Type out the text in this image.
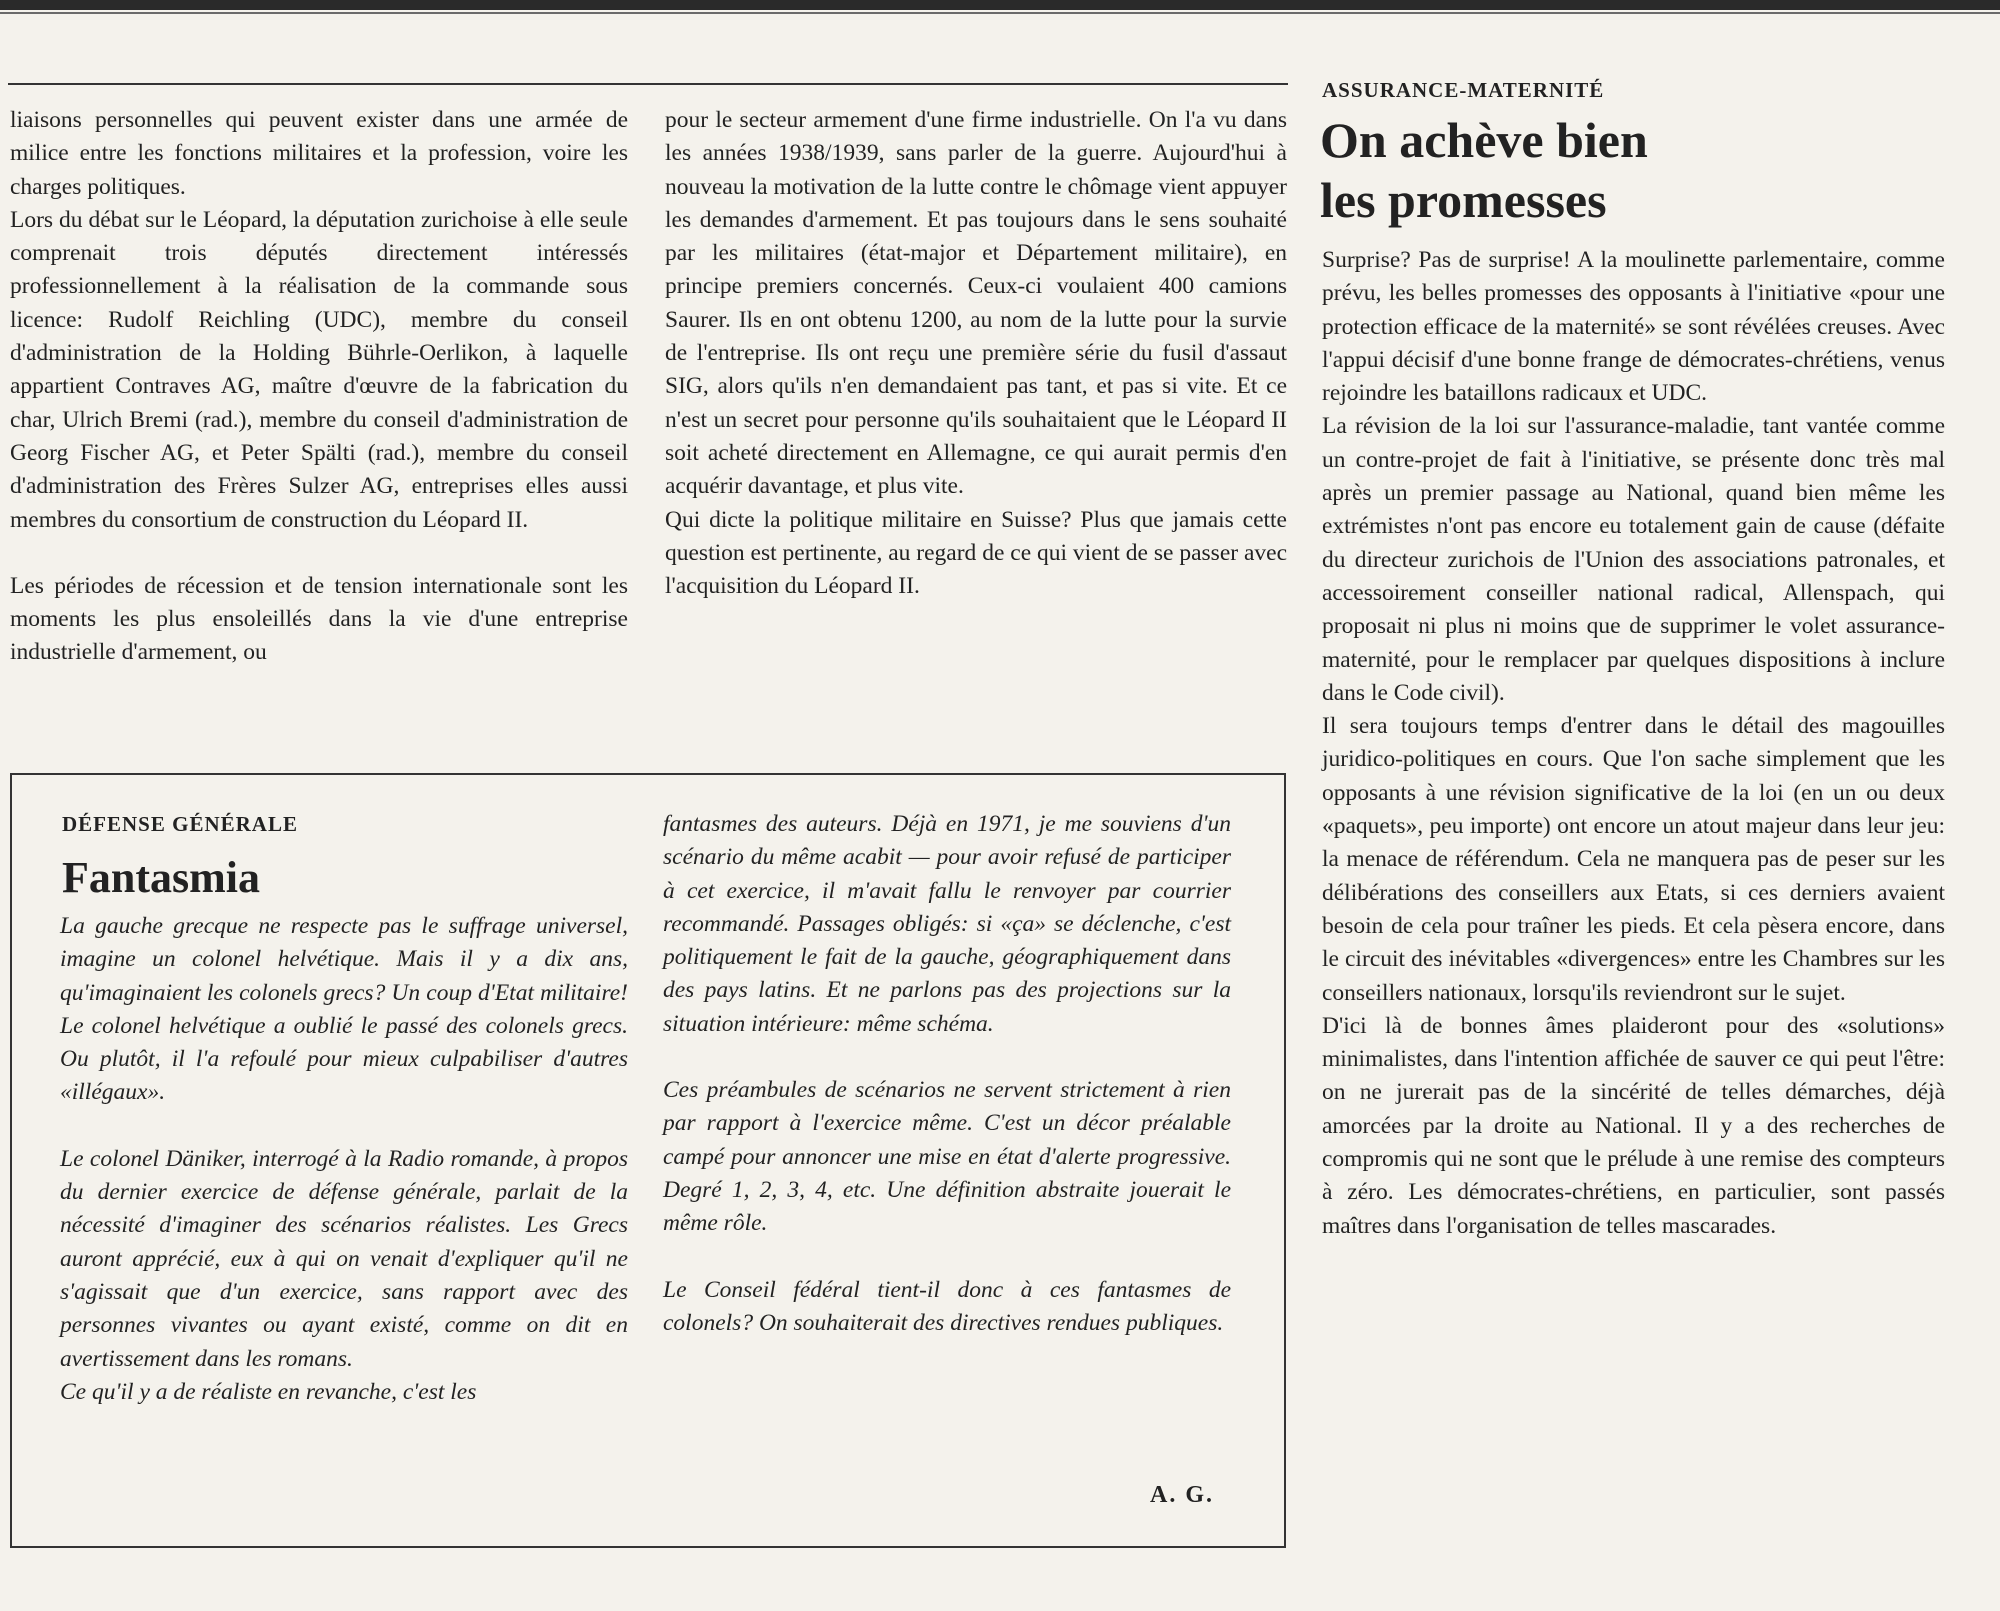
liaisons personnelles qui peuvent exister dans une armée de milice entre les fonctions militaires et la profession, voire les charges politiques.

Lors du débat sur le Léopard, la députation zurichoise à elle seule comprenait trois députés directement intéressés professionnellement à la réalisation de la commande sous licence: Rudolf Reichling (UDC), membre du conseil d'administration de la Holding Bührle-Oerlikon, à laquelle appartient Contraves AG, maître d'œuvre de la fabrication du char, Ulrich Bremi (rad.), membre du conseil d'administration de Georg Fischer AG, et Peter Spälti (rad.), membre du conseil d'administration des Frères Sulzer AG, entreprises elles aussi membres du consortium de construction du Léopard II.

Les périodes de récession et de tension internationale sont les moments les plus ensoleillés dans la vie d'une entreprise industrielle d'armement, ou

pour le secteur armement d'une firme industrielle. On l'a vu dans les années 1938/1939, sans parler de la guerre. Aujourd'hui à nouveau la motivation de la lutte contre le chômage vient appuyer les demandes d'armement. Et pas toujours dans le sens souhaité par les militaires (état-major et Département militaire), en principe premiers concernés. Ceux-ci voulaient 400 camions Saurer. Ils en ont obtenu 1200, au nom de la lutte pour la survie de l'entreprise. Ils ont reçu une première série du fusil d'assaut SIG, alors qu'ils n'en demandaient pas tant, et pas si vite. Et ce n'est un secret pour personne qu'ils souhaitaient que le Léopard II soit acheté directement en Allemagne, ce qui aurait permis d'en acquérir davantage, et plus vite.

Qui dicte la politique militaire en Suisse? Plus que jamais cette question est pertinente, au regard de ce qui vient de se passer avec l'acquisition du Léopard II.

ASSURANCE-MATERNITÉ
On achève bien
les promesses

Surprise? Pas de surprise! A la moulinette parlementaire, comme prévu, les belles promesses des opposants à l'initiative «pour une protection efficace de la maternité» se sont révélées creuses. Avec l'appui décisif d'une bonne frange de démocrates-chrétiens, venus rejoindre les bataillons radicaux et UDC.

La révision de la loi sur l'assurance-maladie, tant vantée comme un contre-projet de fait à l'initiative, se présente donc très mal après un premier passage au National, quand bien même les extrémistes n'ont pas encore eu totalement gain de cause (défaite du directeur zurichois de l'Union des associations patronales, et accessoirement conseiller national radical, Allenspach, qui proposait ni plus ni moins que de supprimer le volet assurance-maternité, pour le remplacer par quelques dispositions à inclure dans le Code civil).

Il sera toujours temps d'entrer dans le détail des magouilles juridico-politiques en cours. Que l'on sache simplement que les opposants à une révision significative de la loi (en un ou deux «paquets», peu importe) ont encore un atout majeur dans leur jeu: la menace de référendum. Cela ne manquera pas de peser sur les délibérations des conseillers aux Etats, si ces derniers avaient besoin de cela pour traîner les pieds. Et cela pèsera encore, dans le circuit des inévitables «divergences» entre les Chambres sur les conseillers nationaux, lorsqu'ils reviendront sur le sujet.

D'ici là de bonnes âmes plaideront pour des «solutions» minimalistes, dans l'intention affichée de sauver ce qui peut l'être: on ne jurerait pas de la sincérité de telles démarches, déjà amorcées par la droite au National. Il y a des recherches de compromis qui ne sont que le prélude à une remise des compteurs à zéro. Les démocrates-chrétiens, en particulier, sont passés maîtres dans l'organisation de telles mascarades.

DÉFENSE GÉNÉRALE
Fantasmia

La gauche grecque ne respecte pas le suffrage universel, imagine un colonel helvétique. Mais il y a dix ans, qu'imaginaient les colonels grecs? Un coup d'Etat militaire! Le colonel helvétique a oublié le passé des colonels grecs. Ou plutôt, il l'a refoulé pour mieux culpabiliser d'autres «illégaux».

Le colonel Däniker, interrogé à la Radio romande, à propos du dernier exercice de défense générale, parlait de la nécessité d'imaginer des scénarios réalistes. Les Grecs auront apprécié, eux à qui on venait d'expliquer qu'il ne s'agissait que d'un exercice, sans rapport avec des personnes vivantes ou ayant existé, comme on dit en avertissement dans les romans.

Ce qu'il y a de réaliste en revanche, c'est les

fantasmes des auteurs. Déjà en 1971, je me souviens d'un scénario du même acabit — pour avoir refusé de participer à cet exercice, il m'avait fallu le renvoyer par courrier recommandé. Passages obligés: si «ça» se déclenche, c'est politiquement le fait de la gauche, géographiquement dans des pays latins. Et ne parlons pas des projections sur la situation intérieure: même schéma.

Ces préambules de scénarios ne servent strictement à rien par rapport à l'exercice même. C'est un décor préalable campé pour annoncer une mise en état d'alerte progressive. Degré 1, 2, 3, 4, etc. Une définition abstraite jouerait le même rôle.

Le Conseil fédéral tient-il donc à ces fantasmes de colonels? On souhaiterait des directives rendues publiques.

A. G.
